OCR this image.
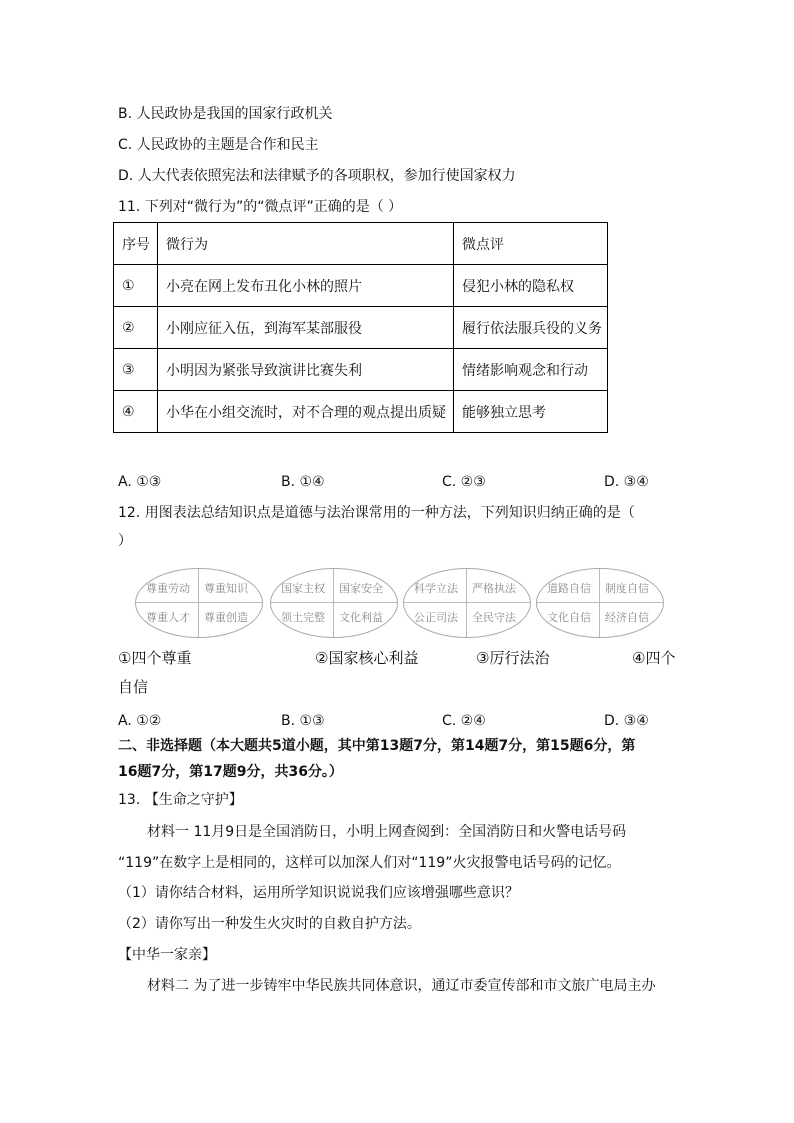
B. 人民政协是我国的国家行政机关
C. 人民政协的主题是合作和民主
D. 人大代表依照宪法和法律赋予的各项职权，参加行使国家权力
11. 下列对“微行为”的“微点评”正确的是（ ）
序号	微行为	微点评
①	小亮在网上发布丑化小林的照片	侵犯小林的隐私权
②	小刚应征入伍，到海军某部服役	履行依法服兵役的义务
③	小明因为紧张导致演讲比赛失利	情绪影响观念和行动
④	小华在小组交流时，对不合理的观点提出质疑	能够独立思考
A. ①③	B. ①④	C. ②③	D. ③④
12. 用图表法总结知识点是道德与法治课常用的一种方法，下列知识归纳正确的是（
）
尊重劳动 尊重知识
尊重人才 尊重创造
国家主权 国家安全
领土完整 文化利益
科学立法 严格执法
公正司法 全民守法
道路自信 制度自信
文化自信 经济自信
①四个尊重	②国家核心利益	③厉行法治	④四个
自信
A. ①②	B. ①③	C. ②④	D. ③④
二、非选择题（本大题共5道小题，其中第13题7分，第14题7分，第15题6分，第
16题7分，第17题9分，共36分。）
13. 【生命之守护】
材料一 11月9日是全国消防日，小明上网查阅到：全国消防日和火警电话号码
“119”在数字上是相同的，这样可以加深人们对“119”火灾报警电话号码的记忆。
（1）请你结合材料，运用所学知识说说我们应该增强哪些意识？
（2）请你写出一种发生火灾时的自救自护方法。
【中华一家亲】
材料二 为了进一步铸牢中华民族共同体意识，通辽市委宣传部和市文旅广电局主办
